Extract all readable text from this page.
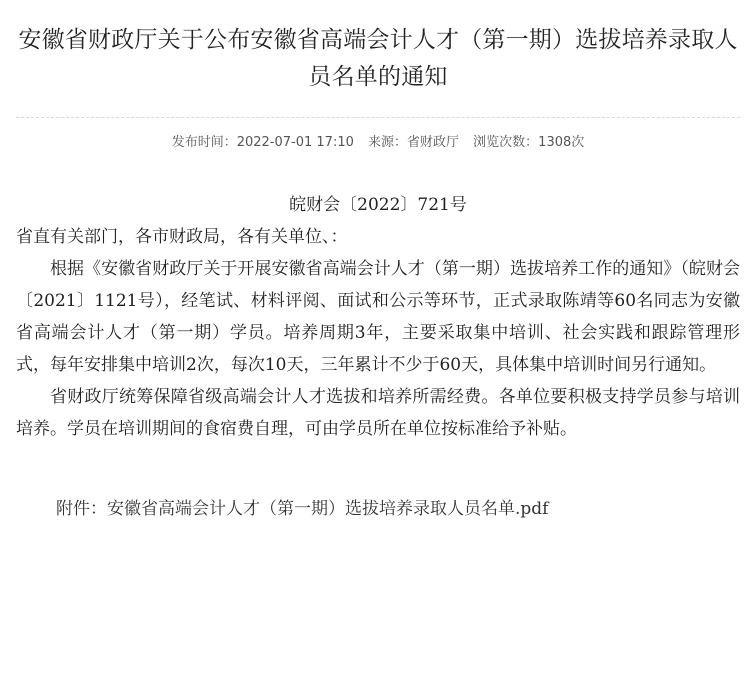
安徽省财政厅关于公布安徽省高端会计人才（第一期）选拔培养录取人员名单的通知
发布时间：2022-07-01 17:10 来源：省财政厅 浏览次数：1308次

皖财会〔2022〕721号

省直有关部门，各市财政局，各有关单位、：

根据《安徽省财政厅关于开展安徽省高端会计人才（第一期）选拔培养工作的通知》（皖财会〔2021〕1121号），经笔试、材料评阅、面试和公示等环节，正式录取陈靖等60名同志为安徽省高端会计人才（第一期）学员。培养周期3年，主要采取集中培训、社会实践和跟踪管理形式，每年安排集中培训2次，每次10天，三年累计不少于60天，具体集中培训时间另行通知。

省财政厅统筹保障省级高端会计人才选拔和培养所需经费。各单位要积极支持学员参与培训培养。学员在培训期间的食宿费自理，可由学员所在单位按标准给予补贴。

附件：安徽省高端会计人才（第一期）选拔培养录取人员名单.pdf
